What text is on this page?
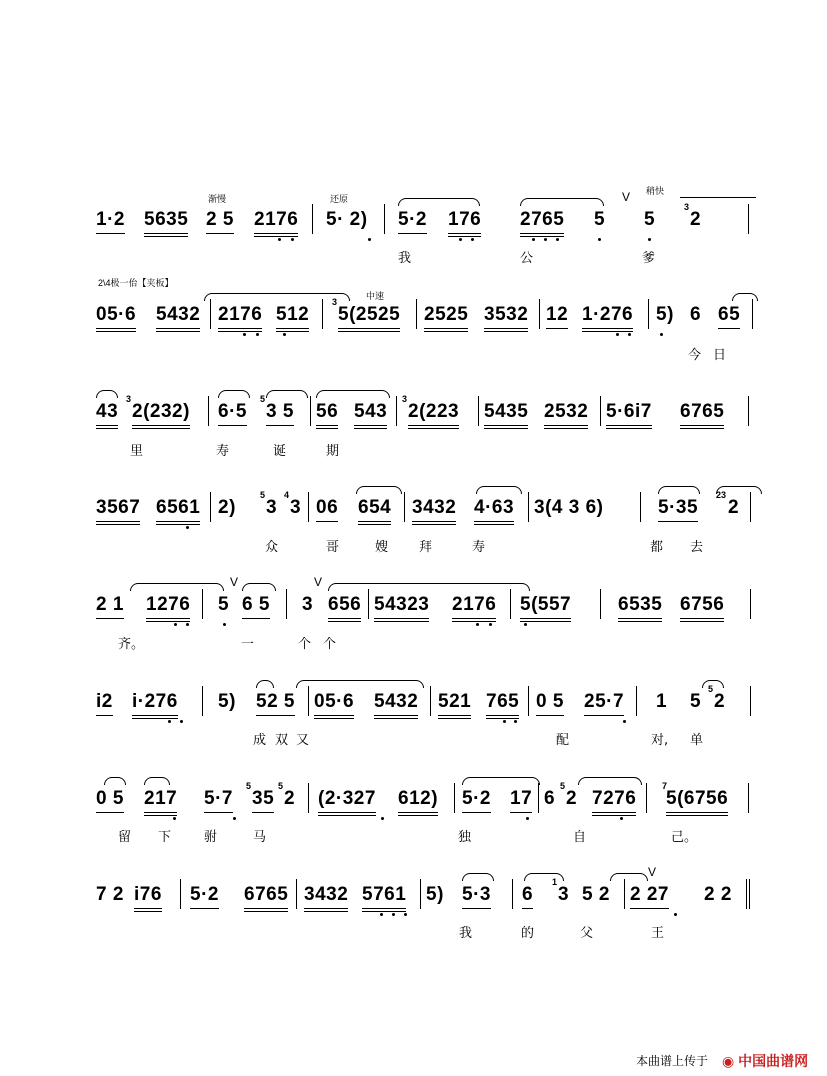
渐慢	还原
稍快
1·2 5635 2 5 2176 5· 2) 5·2 176 2765 5
V
5
3
2
我	公	爹
2\4极一佁【夹板】
中速
05·6 5432 2176 512
3
5(2525 2525 3532 12 1·276 5) 6 65
今 日
43
3
2(232) 6·5
5
3 5 56 543
3
2(223 5435 2532 5·6i7 6765
里	寿	诞	期
3567 6561 2)
5
3
4
3 06 654 3432 4·63 3(4 3 6)	5·35
23
2
众	哥	嫂 拜	寿	都 去
2 1 1276 5
V
6 5 3
V
656 54323 2176 5(557 6535 6756
齐。	一	个 个
i2 i·276 5) 52 5 05·6 5432 521 765 0 5 25·7 1 5
5
2
成 双 又	配	对, 单
0 5 217 5·7
5
35
5
2 (2·327 612) 5·2 17 6
5
2 7276
7
5(6756
留 下	驸	马	独	自	己。
7 2 i76 5·2 6765 3432 5761 5) 5·3 6
1
3 5 2
V
2 27 2 2
我	的	父	王
本曲谱上传于 ◉ 中国曲谱网
